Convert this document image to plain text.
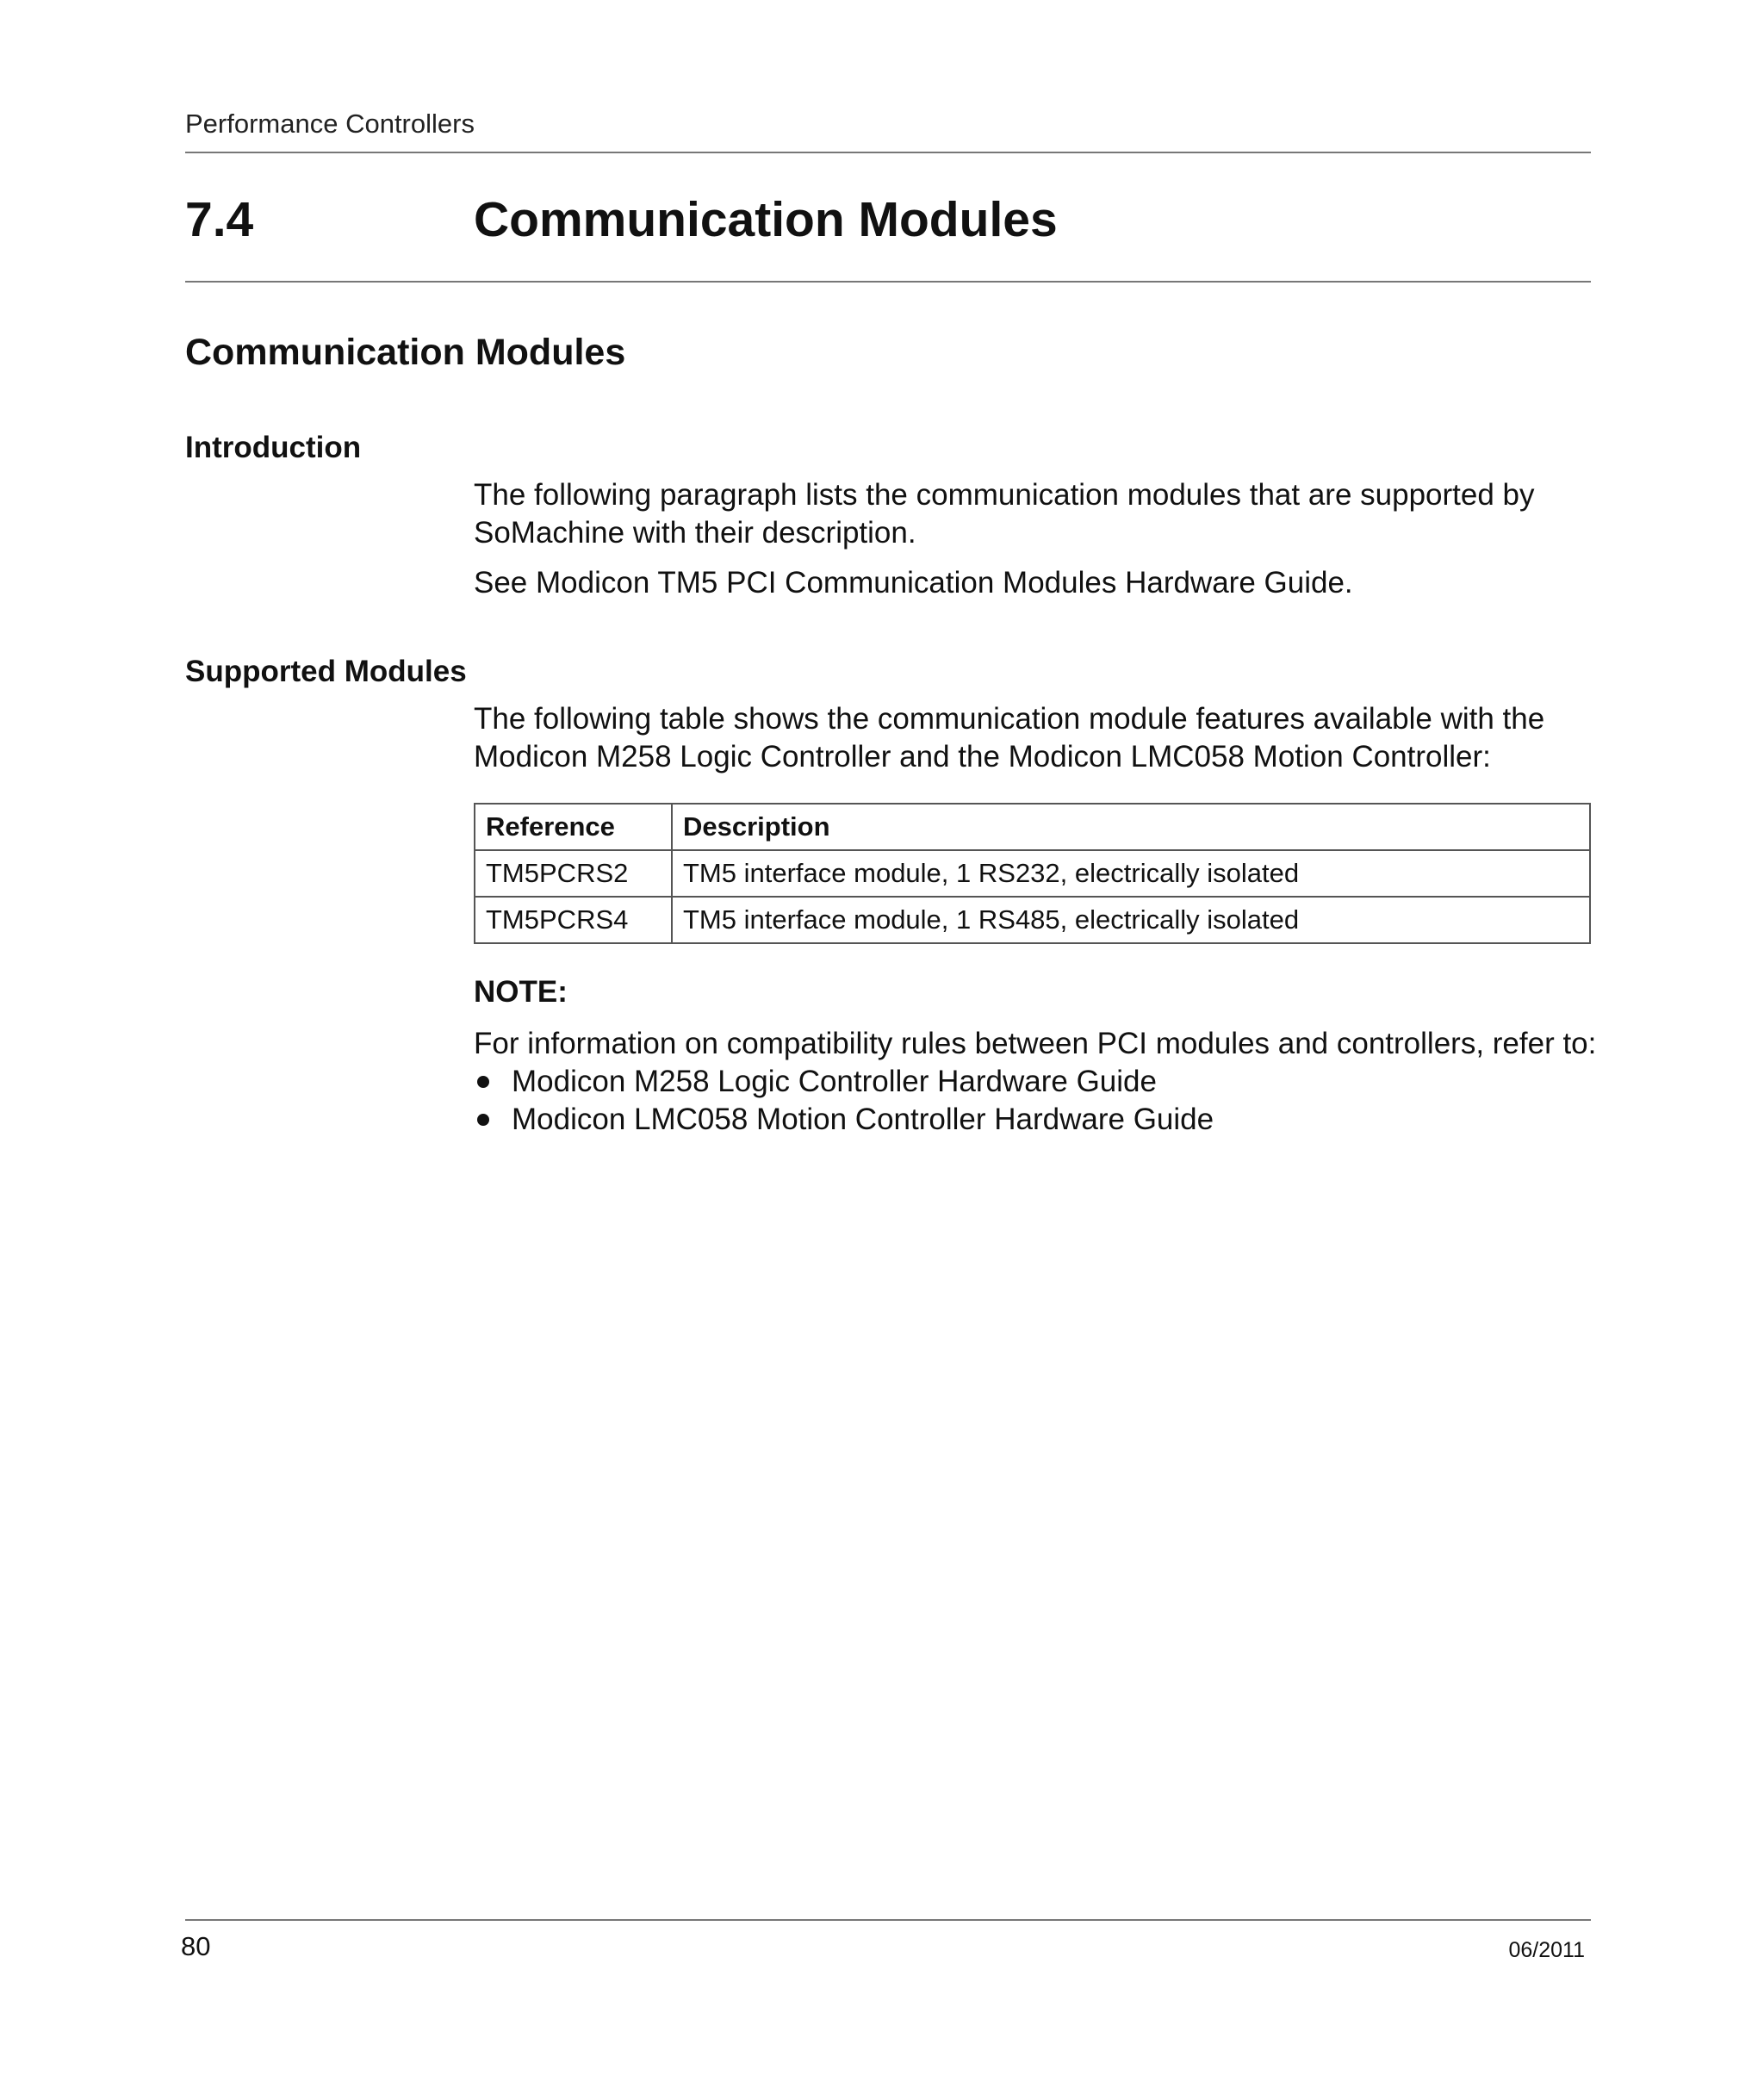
Performance Controllers
7.4	Communication Modules
Communication Modules
Introduction

The following paragraph lists the communication modules that are supported by SoMachine with their description.

See Modicon TM5 PCI Communication Modules Hardware Guide.

Supported Modules

The following table shows the communication module features available with the Modicon M258 Logic Controller and the Modicon LMC058 Motion Controller:

Reference	Description
TM5PCRS2	TM5 interface module, 1 RS232, electrically isolated
TM5PCRS4	TM5 interface module, 1 RS485, electrically isolated
NOTE:
For information on compatibility rules between PCI modules and controllers, refer to:
Modicon M258 Logic Controller Hardware Guide
Modicon LMC058 Motion Controller Hardware Guide
80	06/2011
